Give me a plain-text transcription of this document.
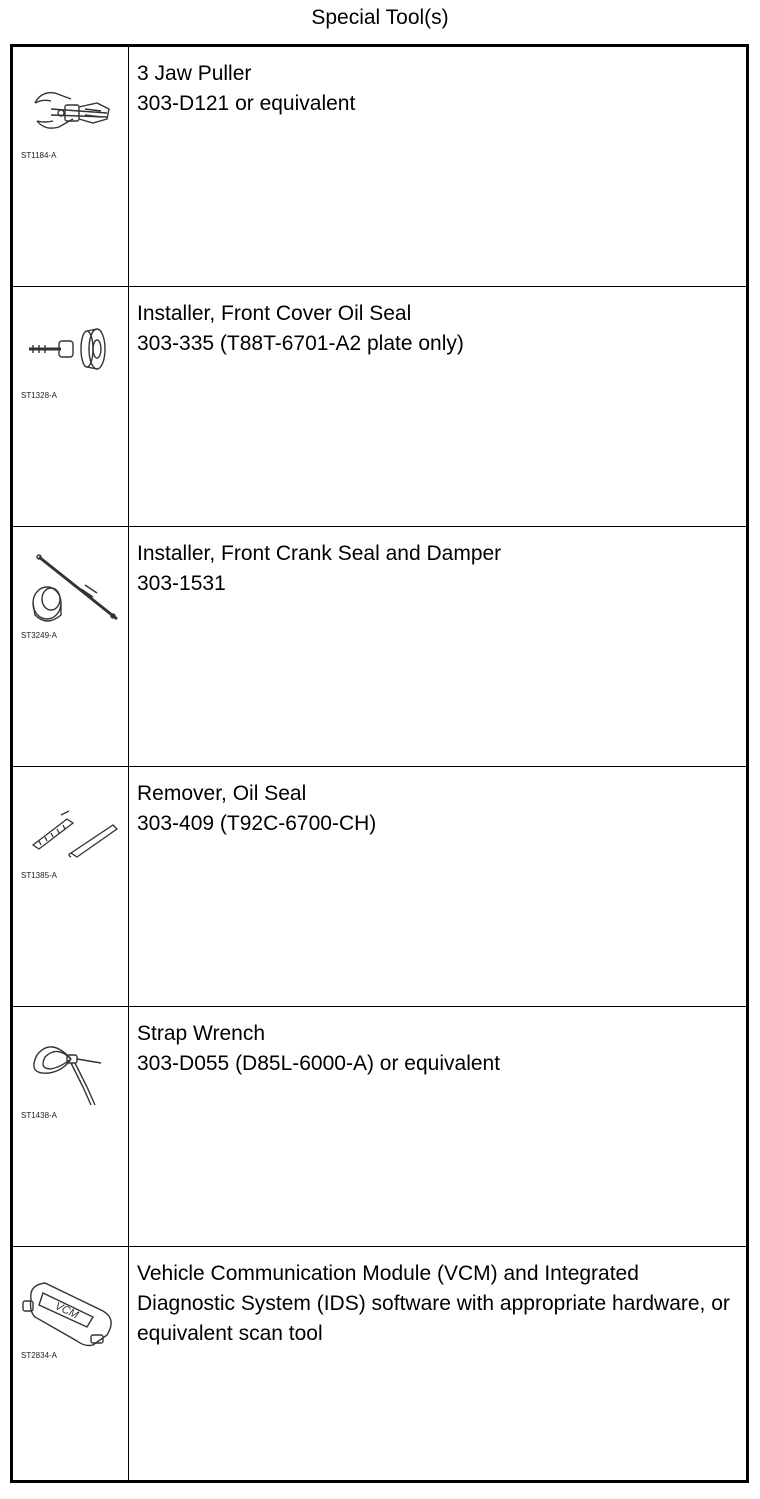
Special Tool(s)
ST1184-A
3 Jaw Puller
303-D121 or equivalent
ST1328-A
Installer, Front Cover Oil Seal
303-335 (T88T-6701-A2 plate only)
ST3249-A
Installer, Front Crank Seal and Damper
303-1531
ST1385-A
Remover, Oil Seal
303-409 (T92C-6700-CH)
ST1438-A
Strap Wrench
303-D055 (D85L-6000-A) or equivalent
VCM
ST2834-A
Vehicle Communication Module (VCM) and Integrated Diagnostic System (IDS) software with appropriate hardware, or equivalent scan tool
